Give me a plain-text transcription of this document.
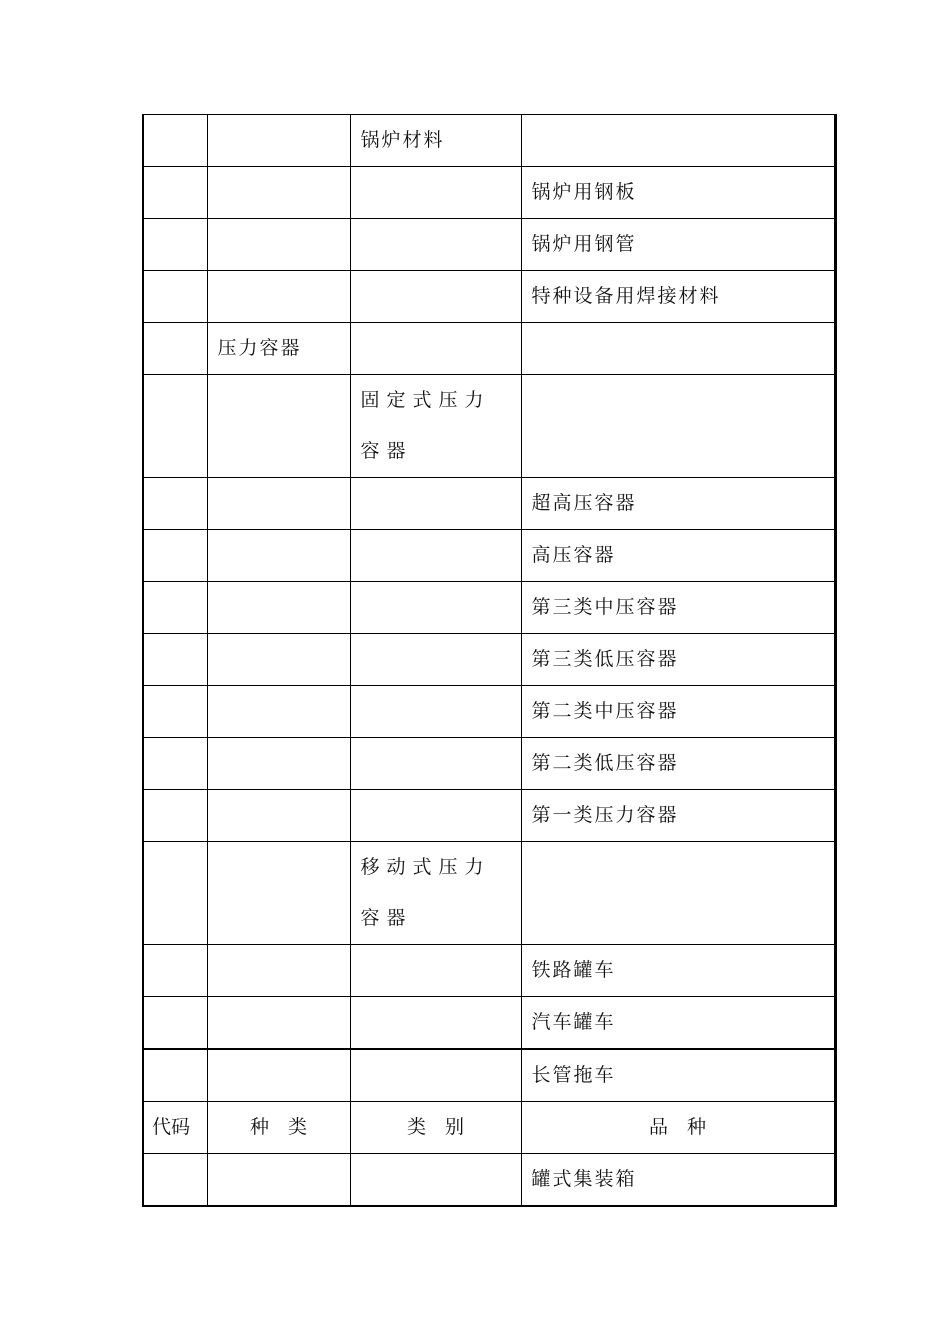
		锅炉材料	
			锅炉用钢板
			锅炉用钢管
			特种设备用焊接材料
	压力容器		
		固定式压力容器	
			超高压容器
			高压容器
			第三类中压容器
			第三类低压容器
			第二类中压容器
			第二类低压容器
			第一类压力容器
		移动式压力容器	
			铁路罐车
			汽车罐车
			长管拖车
代码	种　类	类　别	品　种
			罐式集装箱
